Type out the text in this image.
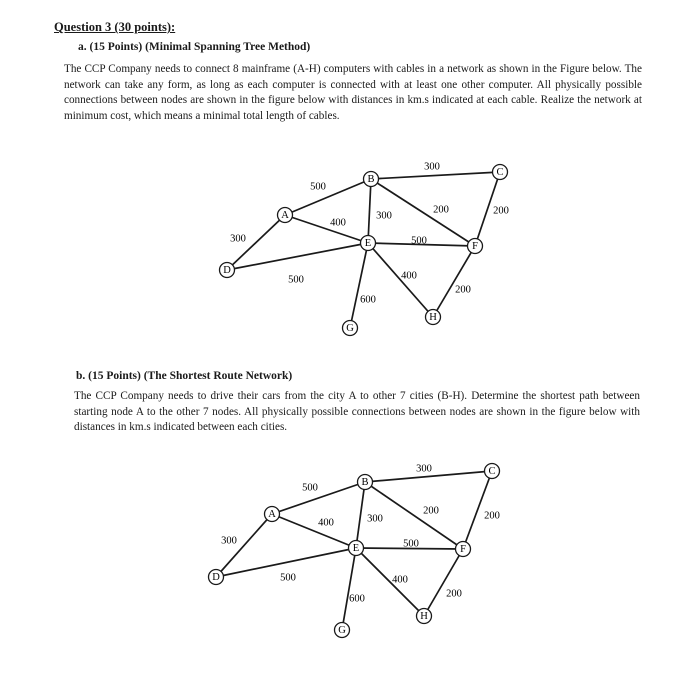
Question 3 (30 points):
a. (15 Points) (Minimal Spanning Tree Method)
The CCP Company needs to connect 8 mainframe (A-H) computers with cables in a network as shown in the Figure below. The network can take any form, as long as each computer is connected with at least one other computer. All physically possible connections between nodes are shown in the figure below with distances in km.s indicated at each cable. Realize the network at minimum cost, which means a minimal total length of cables.
500
300
400
300
300
200	200
500
500
600
400
200
A
B
C
D
E	F
G
H
b. (15 Points) (The Shortest Route Network)
The CCP Company needs to drive their cars from the city A to other 7 cities (B-H). Determine the shortest path between starting node A to the other 7 nodes. All physically possible connections between nodes are shown in the figure below with distances in km.s indicated between each cities.
500
300
400
300
300
200	200
500
500
600
400
200
A
B
C
D
E	F
G
H
